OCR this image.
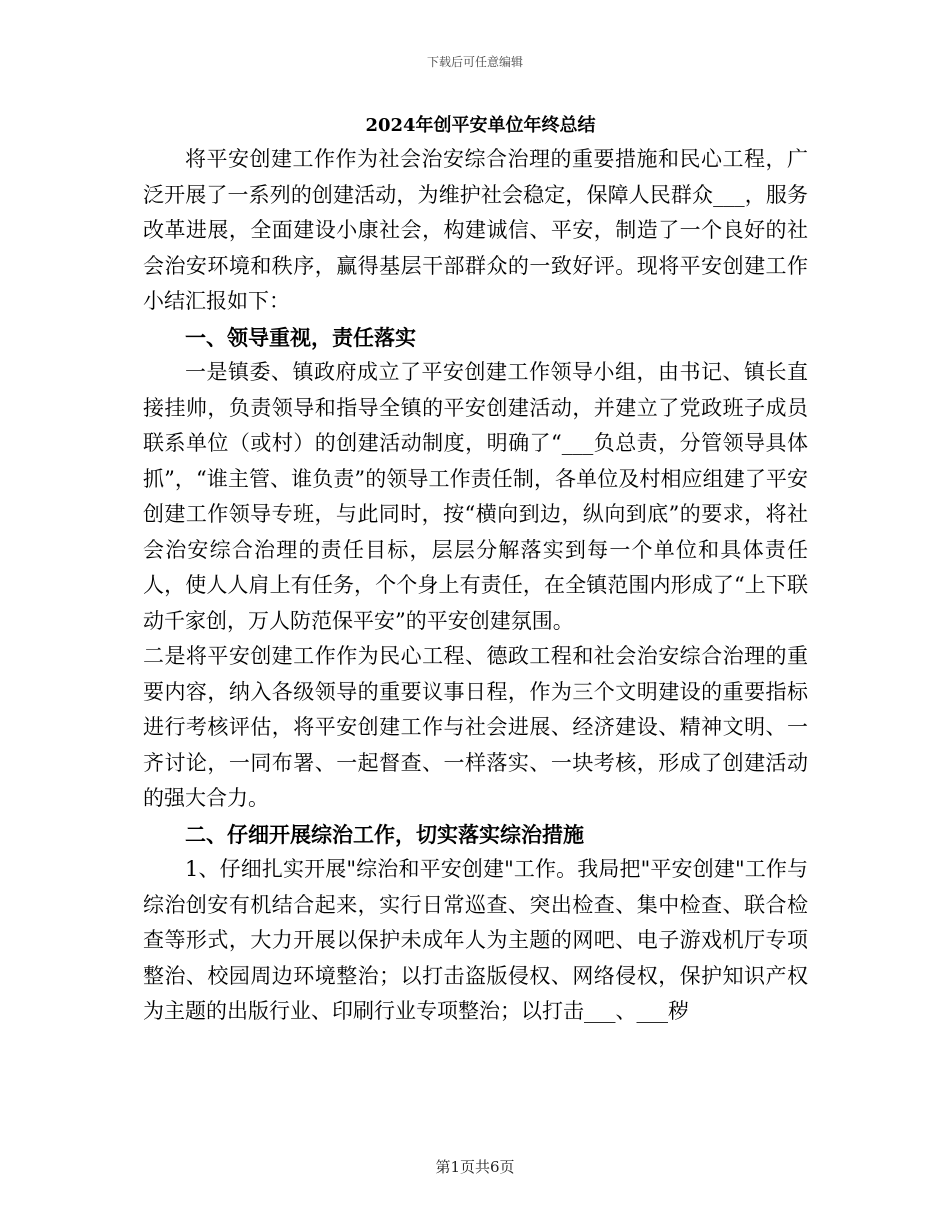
下载后可任意编辑
2024年创平安单位年终总结

将平安创建工作作为社会治安综合治理的重要措施和民心工程，广泛开展了一系列的创建活动，为维护社会稳定，保障人民群众___，服务改革进展，全面建设小康社会，构建诚信、平安，制造了一个良好的社会治安环境和秩序，赢得基层干部群众的一致好评。现将平安创建工作小结汇报如下：

一、领导重视，责任落实

一是镇委、镇政府成立了平安创建工作领导小组，由书记、镇长直接挂帅，负责领导和指导全镇的平安创建活动，并建立了党政班子成员联系单位（或村）的创建活动制度，明确了“___负总责，分管领导具体抓”，“谁主管、谁负责”的领导工作责任制，各单位及村相应组建了平安创建工作领导专班，与此同时，按“横向到边，纵向到底”的要求，将社会治安综合治理的责任目标，层层分解落实到每一个单位和具体责任人，使人人肩上有任务，个个身上有责任，在全镇范围内形成了“上下联动千家创，万人防范保平安”的平安创建氛围。

二是将平安创建工作作为民心工程、德政工程和社会治安综合治理的重要内容，纳入各级领导的重要议事日程，作为三个文明建设的重要指标进行考核评估，将平安创建工作与社会进展、经济建设、精神文明、一齐讨论，一同布署、一起督查、一样落实、一块考核，形成了创建活动的强大合力。

二、仔细开展综治工作，切实落实综治措施

1、仔细扎实开展"综治和平安创建"工作。我局把"平安创建"工作与综治创安有机结合起来，实行日常巡查、突出检查、集中检查、联合检查等形式，大力开展以保护未成年人为主题的网吧、电子游戏机厅专项整治、校园周边环境整治；以打击盗版侵权、网络侵权，保护知识产权为主题的出版行业、印刷行业专项整治；以打击___、___秽

第1页共6页
